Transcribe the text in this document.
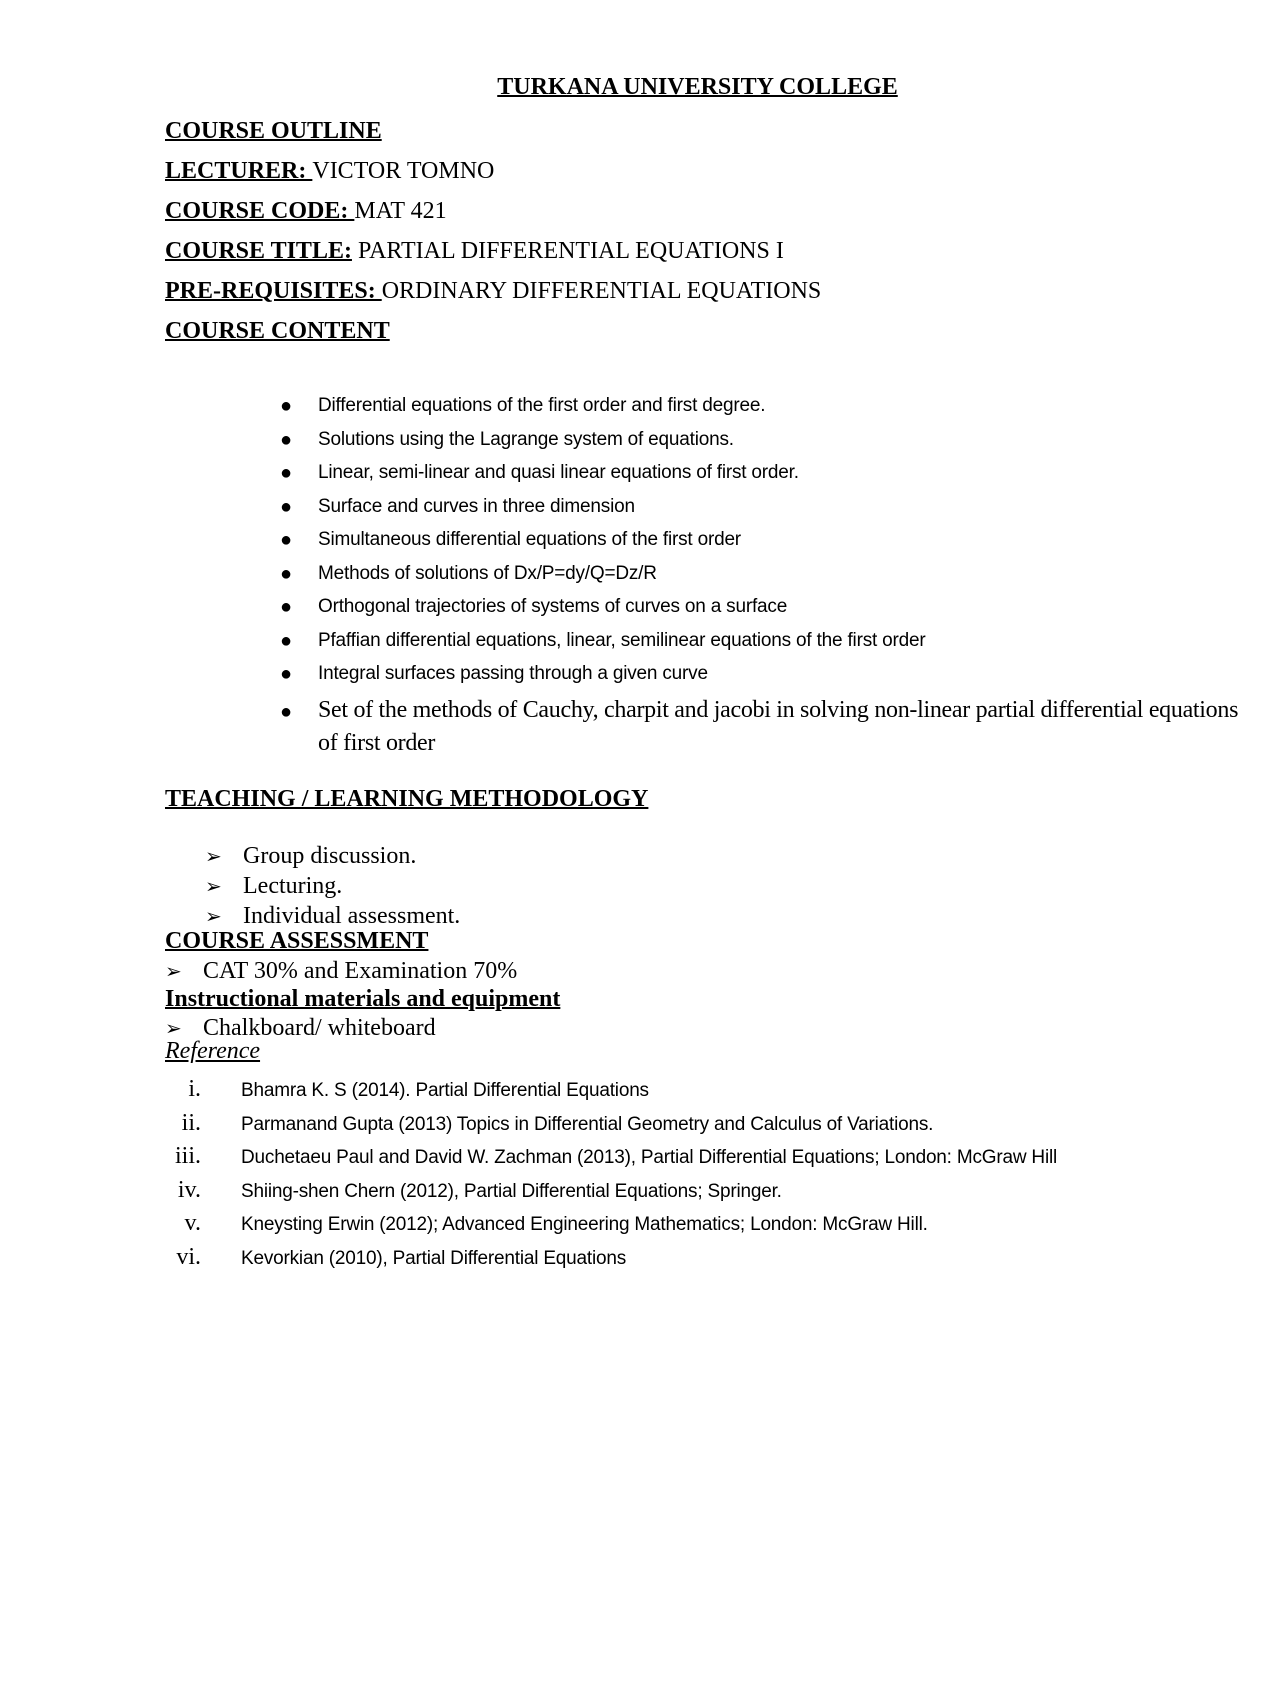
TURKANA UNIVERSITY COLLEGE
COURSE OUTLINE
LECTURER: VICTOR TOMNO
COURSE CODE: MAT 421
COURSE TITLE: PARTIAL DIFFERENTIAL EQUATIONS I
PRE-REQUISITES: ORDINARY DIFFERENTIAL EQUATIONS
COURSE CONTENT
● Differential equations of the first order and first degree.
● Solutions using the Lagrange system of equations.
● Linear, semi-linear and quasi linear equations of first order.
● Surface and curves in three dimension
● Simultaneous differential equations of the first order
● Methods of solutions of Dx/P=dy/Q=Dz/R
● Orthogonal trajectories of systems of curves on a surface
● Pfaffian differential equations, linear, semilinear equations of the first order
● Integral surfaces passing through a given curve
● Set of the methods of Cauchy, charpit and jacobi in solving non-linear partial differential equations of first order
TEACHING / LEARNING METHODOLOGY
➢ Group discussion.
➢ Lecturing.
➢ Individual assessment.
COURSE ASSESSMENT
➢ CAT 30% and Examination 70%
Instructional materials and equipment
➢ Chalkboard/ whiteboard
Reference
i. Bhamra K. S (2014). Partial Differential Equations
ii. Parmanand Gupta (2013) Topics in Differential Geometry and Calculus of Variations.
iii. Duchetaeu Paul and David W. Zachman (2013), Partial Differential Equations; London: McGraw Hill
iv. Shiing-shen Chern (2012), Partial Differential Equations; Springer.
v. Kneysting Erwin (2012); Advanced Engineering Mathematics; London: McGraw Hill.
vi. Kevorkian (2010), Partial Differential Equations
